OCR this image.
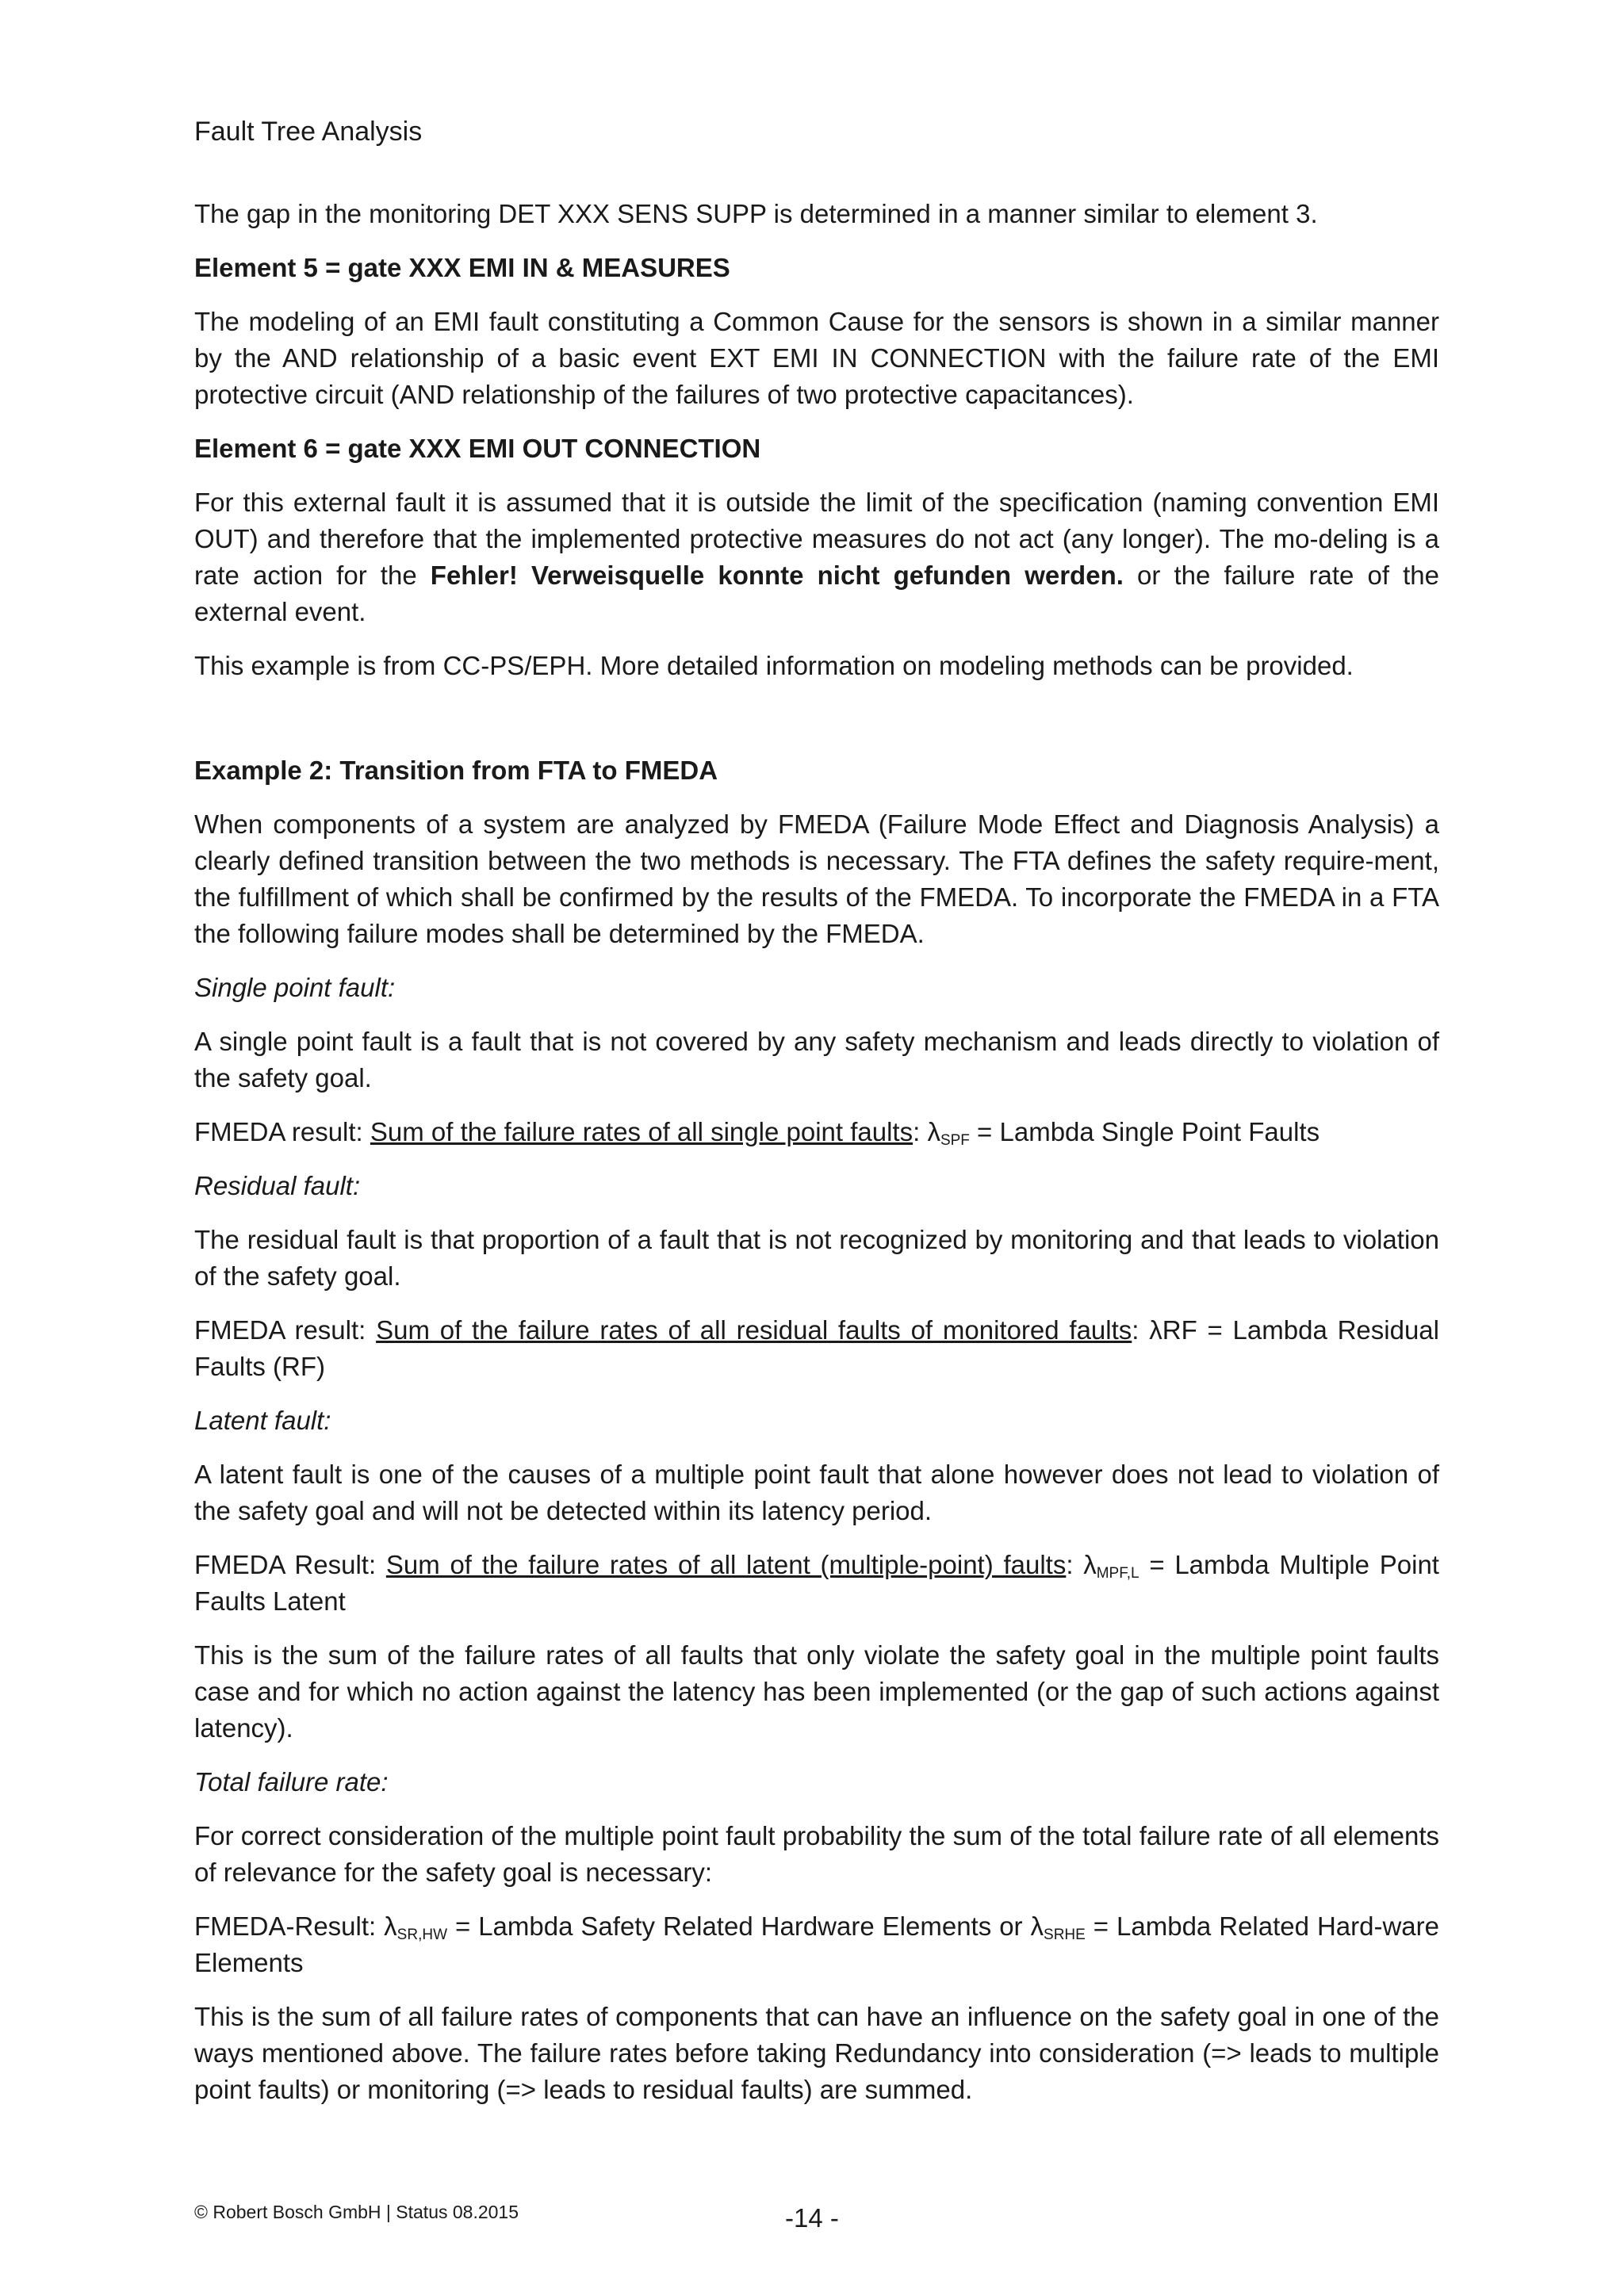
Fault Tree Analysis

The gap in the monitoring DET XXX SENS SUPP is determined in a manner similar to element 3.

Element 5 = gate XXX EMI IN & MEASURES

The modeling of an EMI fault constituting a Common Cause for the sensors is shown in a similar manner by the AND relationship of a basic event EXT EMI IN CONNECTION with the failure rate of the EMI protective circuit (AND relationship of the failures of two protective capacitances).

Element 6 = gate XXX EMI OUT CONNECTION

For this external fault it is assumed that it is outside the limit of the specification (naming convention EMI OUT) and therefore that the implemented protective measures do not act (any longer). The mo-deling is a rate action for the Fehler! Verweisquelle konnte nicht gefunden werden. or the failure rate of the external event.

This example is from CC-PS/EPH. More detailed information on modeling methods can be provided.

Example 2: Transition from FTA to FMEDA

When components of a system are analyzed by FMEDA (Failure Mode Effect and Diagnosis Analysis) a clearly defined transition between the two methods is necessary. The FTA defines the safety require-ment, the fulfillment of which shall be confirmed by the results of the FMEDA. To incorporate the FMEDA in a FTA the following failure modes shall be determined by the FMEDA.

Single point fault:

A single point fault is a fault that is not covered by any safety mechanism and leads directly to violation of the safety goal.

FMEDA result: Sum of the failure rates of all single point faults: $\lambda_{SPF}$ = Lambda Single Point Faults

Residual fault:

The residual fault is that proportion of a fault that is not recognized by monitoring and that leads to violation of the safety goal.

FMEDA result: Sum of the failure rates of all residual faults of monitored faults: λRF = Lambda Residual Faults (RF)

Latent fault:

A latent fault is one of the causes of a multiple point fault that alone however does not lead to violation of the safety goal and will not be detected within its latency period.

FMEDA Result: Sum of the failure rates of all latent (multiple-point) faults: $\lambda_{MPF,L}$ = Lambda Multiple Point Faults Latent

This is the sum of the failure rates of all faults that only violate the safety goal in the multiple point faults case and for which no action against the latency has been implemented (or the gap of such actions against latency).

Total failure rate:

For correct consideration of the multiple point fault probability the sum of the total failure rate of all elements of relevance for the safety goal is necessary:

FMEDA-Result: $\lambda_{SR,HW}$ = Lambda Safety Related Hardware Elements or $\lambda_{SRHE}$ = Lambda Related Hard-ware Elements

This is the sum of all failure rates of components that can have an influence on the safety goal in one of the ways mentioned above. The failure rates before taking Redundancy into consideration (=> leads to multiple point faults) or monitoring (=> leads to residual faults) are summed.

© Robert Bosch GmbH | Status 08.2015	-14 -
